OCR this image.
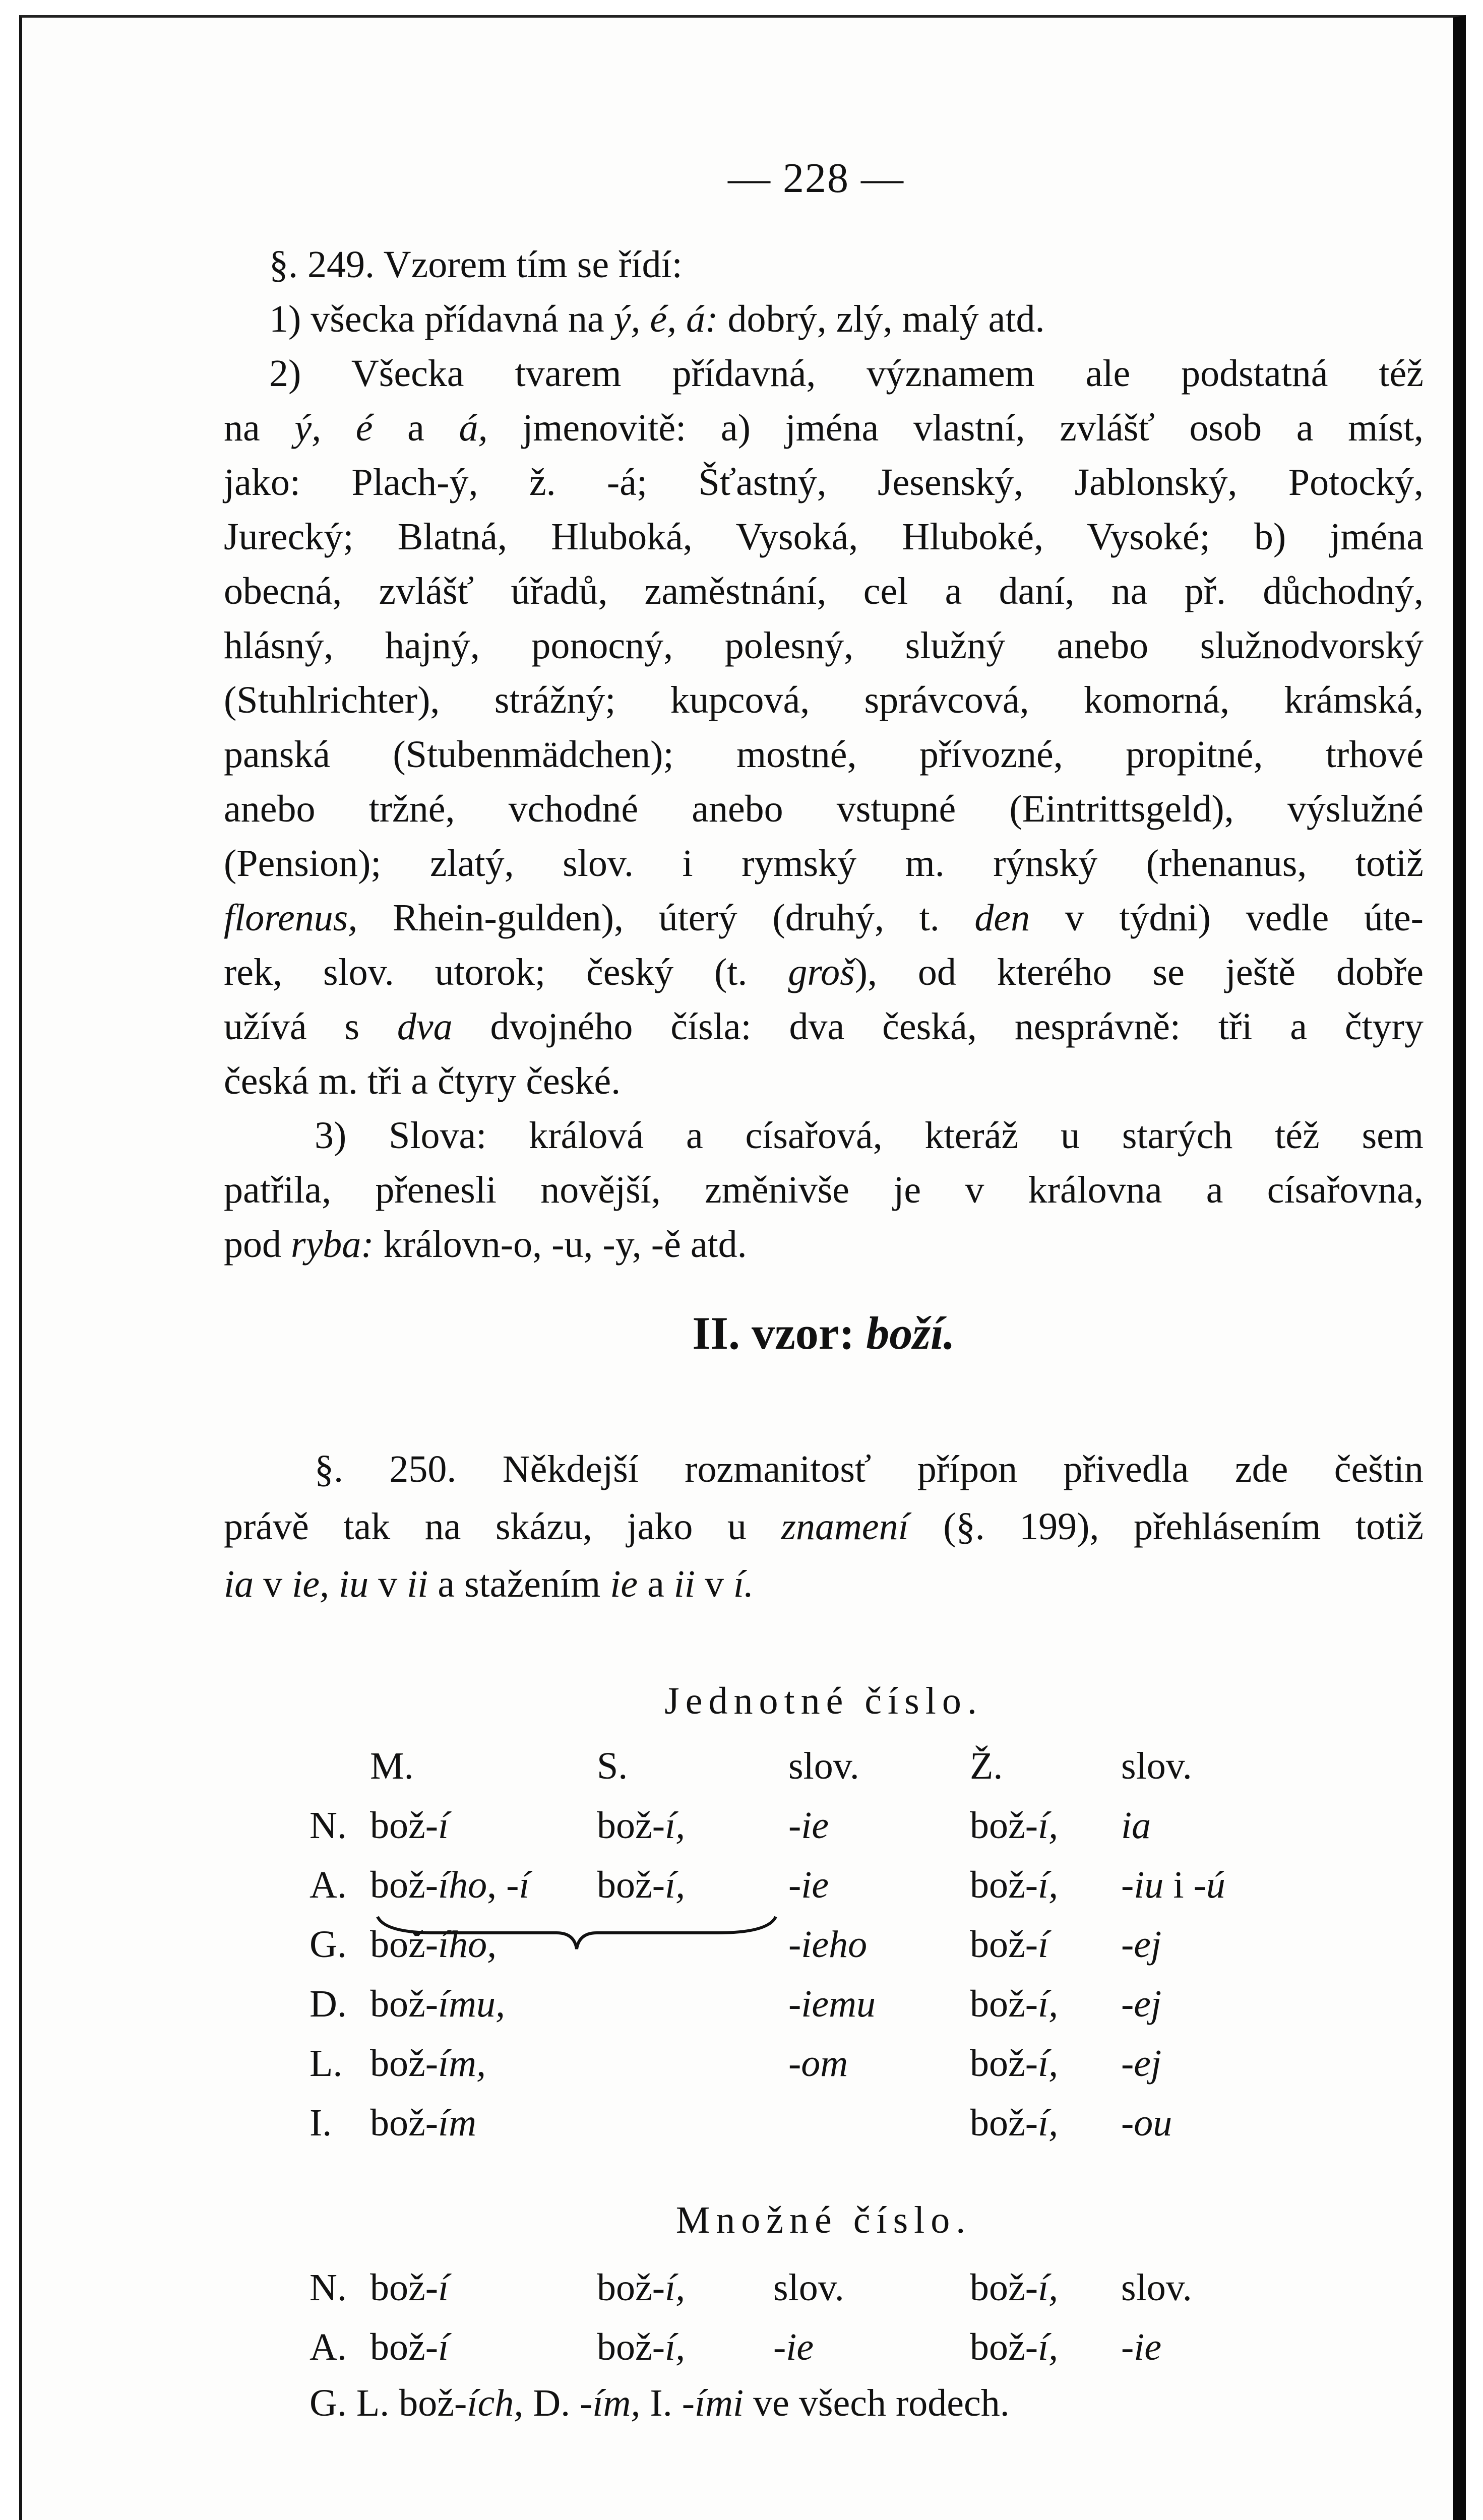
— 228 —
§. 249. Vzorem tím se řídí:
1) všecka přídavná na ý, é, á: dobrý, zlý, malý atd.
2) Všecka tvarem přídavná, významem ale podstatná též
na ý, é a á, jmenovitě: a) jména vlastní, zvlášť osob a míst,
jako: Plach-ý, ž. -á; Šťastný, Jesenský, Jablonský, Potocký,
Jurecký; Blatná, Hluboká, Vysoká, Hluboké, Vysoké; b) jména
obecná, zvlášť úřadů, zaměstnání, cel a daní, na př. důchodný,
hlásný, hajný, ponocný, polesný, služný anebo služnodvorský
(Stuhlrichter), strážný; kupcová, správcová, komorná, krámská,
panská (Stubenmädchen); mostné, přívozné, propitné, trhové
anebo tržné, vchodné anebo vstupné (Eintrittsgeld), výslužné
(Pension); zlatý, slov. i rymský m. rýnský (rhenanus, totiž
florenus, Rhein-gulden), úterý (druhý, t. den v týdni) vedle úte-
rek, slov. utorok; český (t. groš), od kterého se ještě dobře
užívá s dva dvojného čísla: dva česká, nesprávně: tři a čtyry
česká m. tři a čtyry české.
3) Slova: králová a císařová, kteráž u starých též sem
patřila, přenesli novější, změnivše je v královna a císařovna,
pod ryba: královn-o, -u, -y, -ě atd.
II. vzor: boží.
§. 250. Někdejší rozmanitosť přípon přivedla zde češtin
právě tak na skázu, jako u znamení (§. 199), přehlásením totiž
ia v ie, iu v ii a stažením ie a ii v í.
Jednotné číslo.
	M.	S.	slov.	Ž.	slov.
N.	bož-í	bož-í,	-ie	bož-í,	ia
A.	bož-ího, -í	bož-í,	-ie	bož-í,	-iu i -ú
G.	bož-ího,		-ieho	bož-í	-ej
D.	bož-ímu,		-iemu	bož-í,	-ej
L.	bož-ím,		-om	bož-í,	-ej
I.	bož-ím			bož-í,	-ou
Množné číslo.
N.	bož-í	bož-í,	slov.	bož-í,	slov.
A.	bož-í	bož-í,	-ie	bož-í,	-ie
G. L. bož-ích, D. -ím, I. -ími ve všech rodech.
